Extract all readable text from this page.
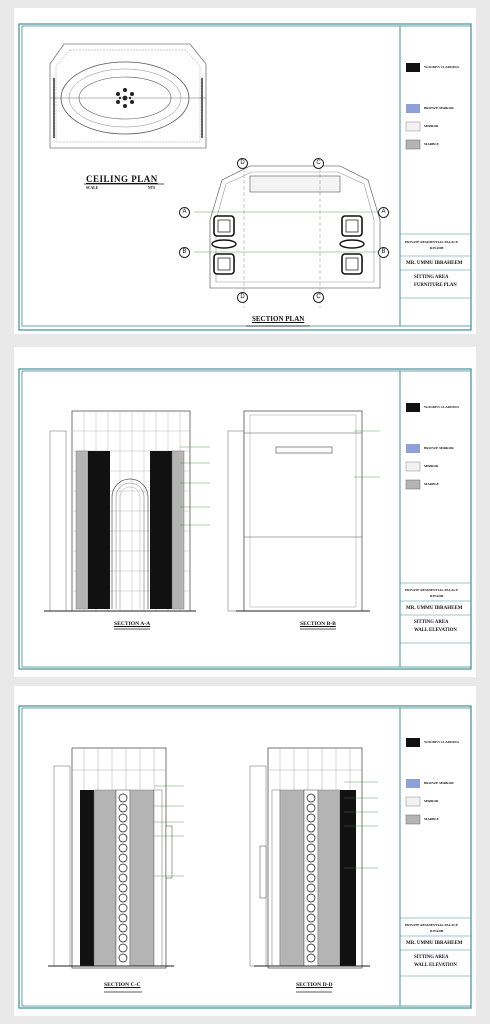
D	C
A	A
B	B
D	C
CEILING PLAN
SCALE	NTS
SECTION PLAN
WOODEN CLADDING
BRONZE MIRROR
MIRROR
MARBLE
PRIVATE RESIDENTIAL PALACE
RIYADH
MR. UMMU IBRAHEEM
SITTING AREA
FURNITURE PLAN
SECTION A-A	SECTION B-B
WOODEN CLADDING
BRONZE MIRROR
MIRROR
MARBLE
PRIVATE RESIDENTIAL PALACE
RIYADH
MR. UMMU IBRAHEEM
SITTING AREA
WALL ELEVATION
SECTION C-C	SECTION D-D
WOODEN CLADDING
BRONZE MIRROR
MIRROR
MARBLE
PRIVATE RESIDENTIAL PALACE
RIYADH
MR. UMMU IBRAHEEM
SITTING AREA
WALL ELEVATION
